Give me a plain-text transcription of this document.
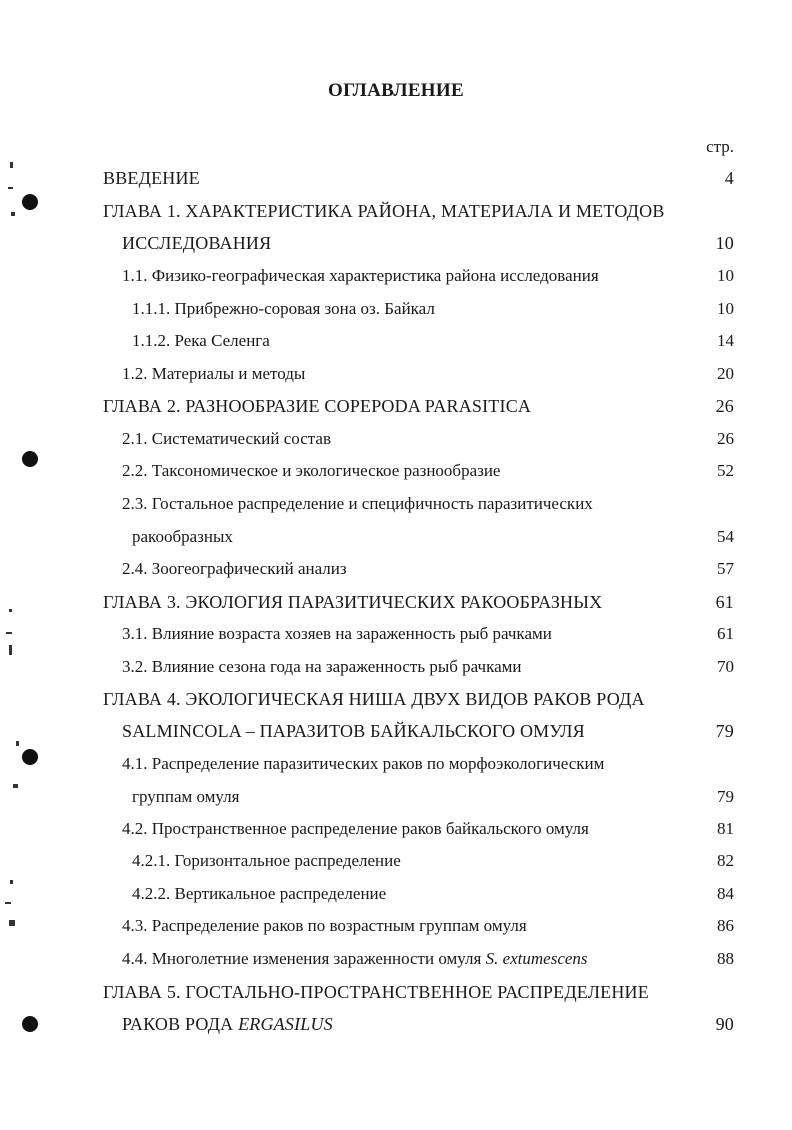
ОГЛАВЛЕНИЕ
стр.
ВВЕДЕНИЕ	4
ГЛАВА 1. ХАРАКТЕРИСТИКА РАЙОНА, МАТЕРИАЛА И МЕТОДОВ
ИССЛЕДОВАНИЯ	10
1.1. Физико-географическая характеристика района исследования	10
1.1.1. Прибрежно-соровая зона оз. Байкал	10
1.1.2. Река Селенга	14
1.2. Материалы и методы	20
ГЛАВА 2. РАЗНООБРАЗИЕ COPEPODA PARASITICA	26
2.1. Систематический состав	26
2.2. Таксономическое и экологическое разнообразие	52
2.3. Гостальное распределение и специфичность паразитических
ракообразных	54
2.4. Зоогеографический анализ	57
ГЛАВА 3. ЭКОЛОГИЯ ПАРАЗИТИЧЕСКИХ РАКООБРАЗНЫХ	61
3.1. Влияние возраста хозяев на зараженность рыб рачками	61
3.2. Влияние сезона года на зараженность рыб рачками	70
ГЛАВА 4. ЭКОЛОГИЧЕСКАЯ НИША ДВУХ ВИДОВ РАКОВ РОДА
SALMINCOLA – ПАРАЗИТОВ БАЙКАЛЬСКОГО ОМУЛЯ	79
4.1. Распределение паразитических раков по морфоэкологическим
группам омуля	79
4.2. Пространственное распределение раков байкальского омуля	81
4.2.1. Горизонтальное распределение	82
4.2.2. Вертикальное распределение	84
4.3. Распределение раков по возрастным группам омуля	86
4.4. Многолетние изменения зараженности омуля S. extumescens	88
ГЛАВА 5. ГОСТАЛЬНО-ПРОСТРАНСТВЕННОЕ РАСПРЕДЕЛЕНИЕ
РАКОВ РОДА ERGASILUS	90
